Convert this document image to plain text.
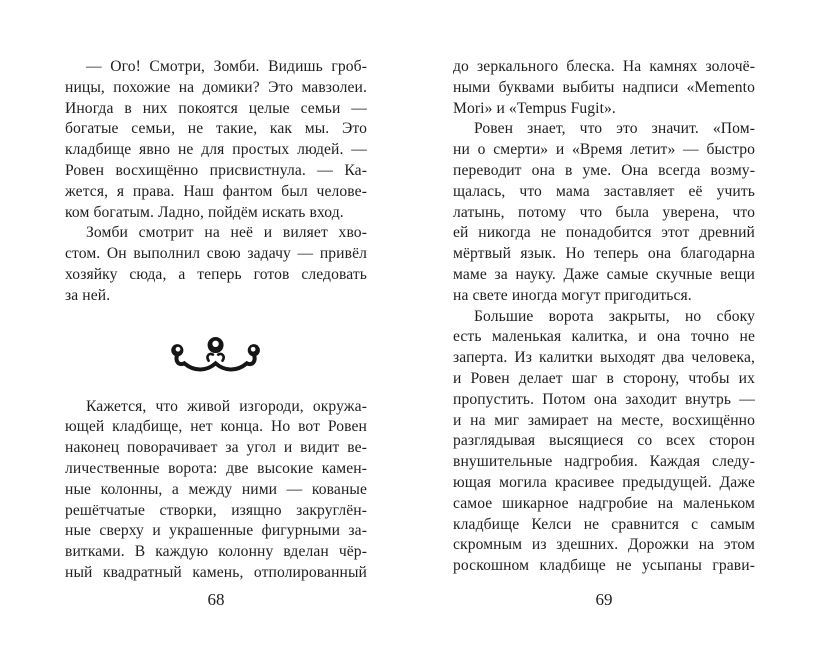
— Ого! Смотри, Зомби. Видишь гроб-
ницы, похожие на домики? Это мавзолеи.
Иногда в них покоятся целые семьи —
богатые семьи, не такие, как мы. Это
кладбище явно не для простых людей. —
Ровен восхищённо присвистнула. — Ка-
жется, я права. Наш фантом был челове-
ком богатым. Ладно, пойдём искать вход.
Зомби смотрит на неё и виляет хво-
стом. Он выполнил свою задачу — привёл
хозяйку сюда, а теперь готов следовать
за ней.
Кажется, что живой изгороди, окружа-
ющей кладбище, нет конца. Но вот Ровен
наконец поворачивает за угол и видит ве-
личественные ворота: две высокие камен-
ные колонны, а между ними — кованые
решётчатые створки, изящно закруглён-
ные сверху и украшенные фигурными за-
витками. В каждую колонну вделан чёр-
ный квадратный камень, отполированный
до зеркального блеска. На камнях золочё-
ными буквами выбиты надписи «Memento
Mori» и «Tempus Fugit».
Ровен знает, что это значит. «Пом-
ни о смерти» и «Время летит» — быстро
переводит она в уме. Она всегда возму-
щалась, что мама заставляет её учить
латынь, потому что была уверена, что
ей никогда не понадобится этот древний
мёртвый язык. Но теперь она благодарна
маме за науку. Даже самые скучные вещи
на свете иногда могут пригодиться.
Большие ворота закрыты, но сбоку
есть маленькая калитка, и она точно не
заперта. Из калитки выходят два человека,
и Ровен делает шаг в сторону, чтобы их
пропустить. Потом она заходит внутрь —
и на миг замирает на месте, восхищённо
разглядывая высящиеся со всех сторон
внушительные надгробия. Каждая следу-
ющая могила красивее предыдущей. Даже
самое шикарное надгробие на маленьком
кладбище Келси не сравнится с самым
скромным из здешних. Дорожки на этом
роскошном кладбище не усыпаны грави-
68	69
